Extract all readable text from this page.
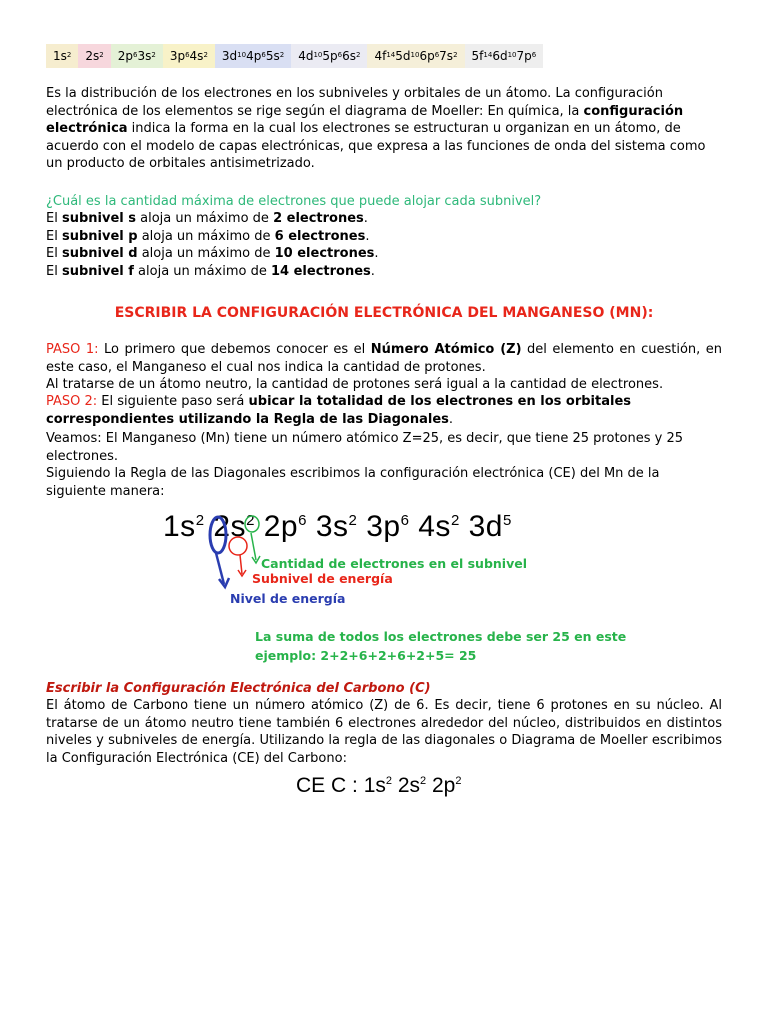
$1s^2$ $2s^2$ $2p^6$ $3s^2$ $3p^6$ $4s^2$ $3d^{10}$ $4p^6$ $5s^2$ $4d^{10}$ $5p^6$ $6s^2$ $4f^{14}$ $5d^{10}$ $6p^6$ $7s^2$ $5f^{14}$ $6d^{10}$ $7p^6$

Es la distribución de los electrones en los subniveles y orbitales de un átomo. La configuración electrónica de los elementos se rige según el diagrama de Moeller: En química, la configuración electrónica indica la forma en la cual los electrones se estructuran u organizan en un átomo, de acuerdo con el modelo de capas electrónicas, que expresa a las funciones de onda del sistema como un producto de orbitales antisimetrizado.

¿Cuál es la cantidad máxima de electrones que puede alojar cada subnivel?

El subnivel s aloja un máximo de 2 electrones.

El subnivel p aloja un máximo de 6 electrones.

El subnivel d aloja un máximo de 10 electrones.

El subnivel f aloja un máximo de 14 electrones.

ESCRIBIR LA CONFIGURACIÓN ELECTRÓNICA DEL MANGANESO (MN):

PASO 1: Lo primero que debemos conocer es el Número Atómico (Z) del elemento en cuestión, en este caso, el Manganeso el cual nos indica la cantidad de protones.

Al tratarse de un átomo neutro, la cantidad de protones será igual a la cantidad de electrones.

PASO 2: El siguiente paso será ubicar la totalidad de los electrones en los orbitales correspondientes utilizando la Regla de las Diagonales.

Veamos: El Manganeso (Mn) tiene un número atómico Z=25, es decir, que tiene 25 protones y 25 electrones.

Siguiendo la Regla de las Diagonales escribimos la configuración electrónica (CE) del Mn de la siguiente manera:

$1s^2$ $2s^2$ $2p^6$ $3s^2$ $3p^6$ $4s^2$ $3d^5$
Cantidad de electrones en el subnivel
Subnivel de energía
Nivel de energía
La suma de todos los electrones debe ser 25 en este
ejemplo: 2+2+6+2+6+2+5= 25

Escribir la Configuración Electrónica del Carbono (C)

El átomo de Carbono tiene un número atómico (Z) de 6. Es decir, tiene 6 protones en su núcleo. Al tratarse de un átomo neutro tiene también 6 electrones alrededor del núcleo, distribuidos en distintos niveles y subniveles de energía. Utilizando la regla de las diagonales o Diagrama de Moeller escribimos la Configuración Electrónica (CE) del Carbono:

CE C : $1s^2$ $2s^2$ $2p^2$
